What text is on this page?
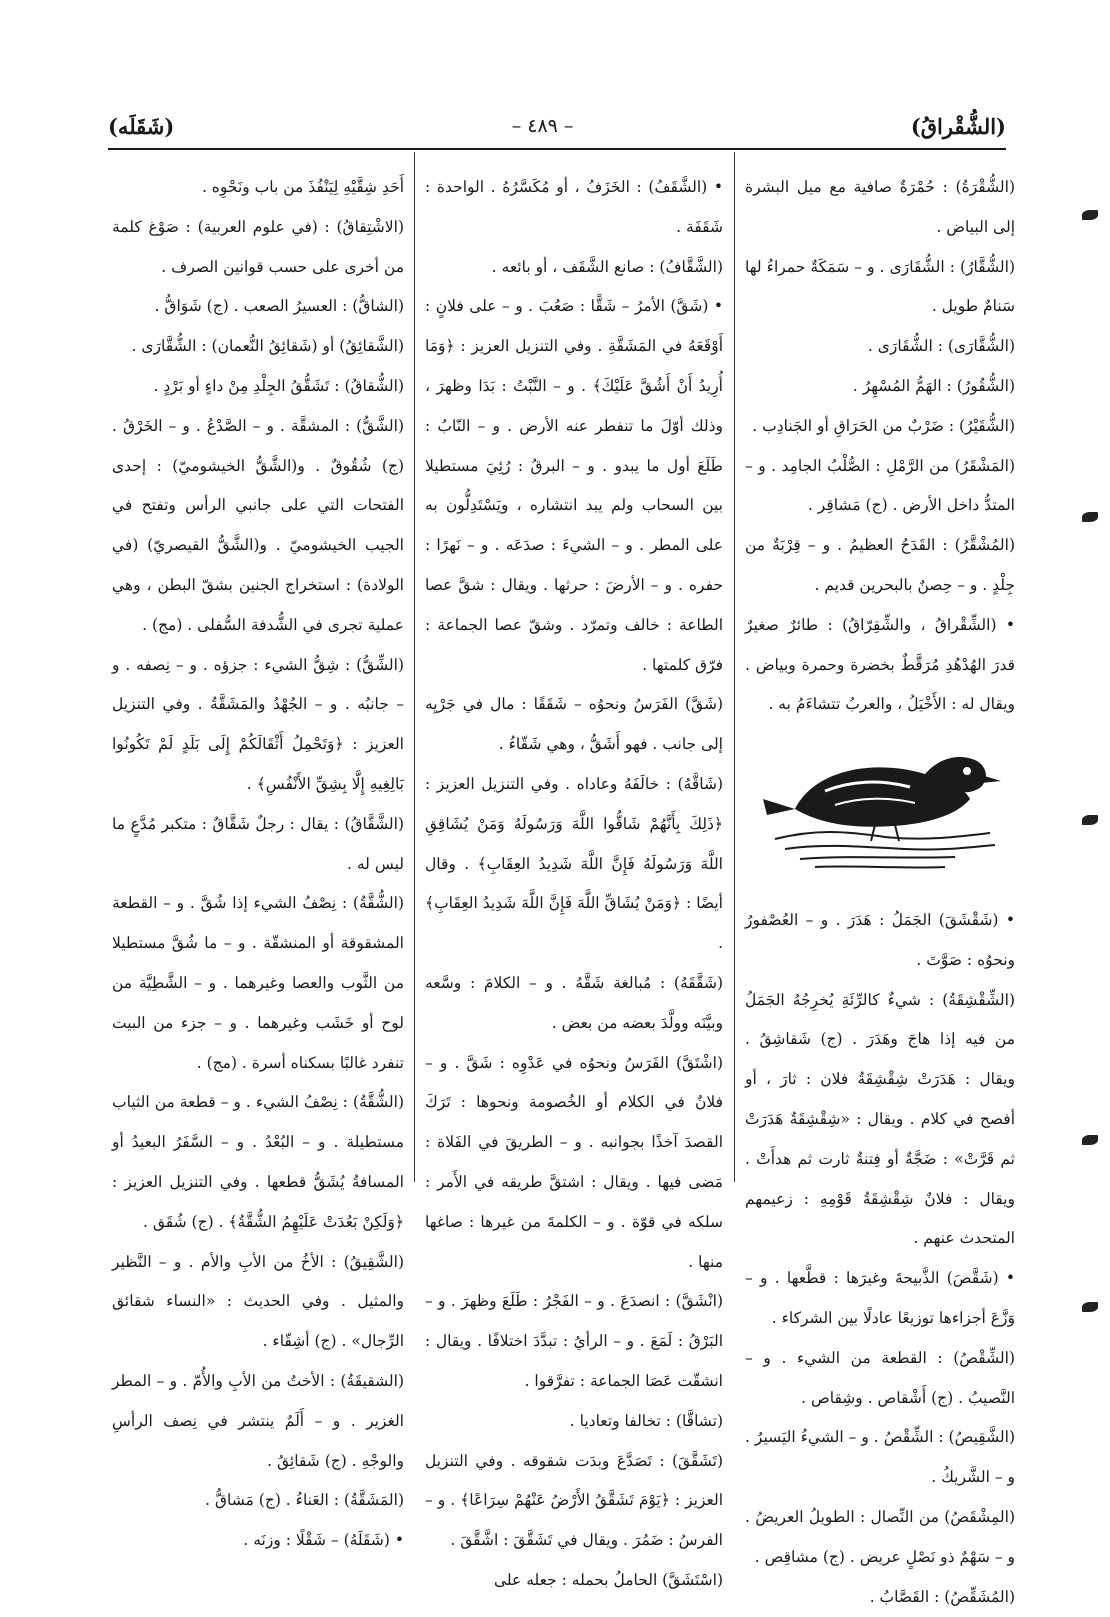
(الشُّقْراقُ)
– ٤٨٩ –
(شَقَلَه)

(الشُّقْرَةُ) : حُمْرَةٌ صافية مع ميل البشرة إلى البياض .

(الشُّقَّارُ) : الشُّقَارَى . و – سَمَكَةٌ حمراءُ لها سَنامٌ طويل .

(الشُّقَّارَى) : الشُّقَارَى .

(الشُّقُورُ) : الهَمُّ المُسْهِرُ .

(الشُّقَيْرُ) : ضَرْبٌ من الحَرَاقِ أو الجَنادِب .

(المَشْقَرُ) من الرَّمْلِ : الصُّلْبُ الجامِد . و – المتدُّ داخل الأرض . (ج) مَشاقِر .

(المُشْقَّرُ) : القَدَحُ العظيمُ . و – قِرْبَةٌ من جِلْدٍ . و – حِصنٌ بالبحرين قديم .

• (الشِّقْراقُ ، والشِّقِرّاقُ) : طائرٌ صغيرٌ قدرَ الهُدْهُدِ مُرَقَّطٌ بخضرة وحمرة وبياض . ويقال له : الأَخْيَلُ ، والعربُ تتشاءَمُ به .

• (شَقْشَقَ) الجَمَلُ : هَدَرَ . و – العُصْفورُ ونحوُه : صَوَّتَ .

(الشِّقْشِقَةُ) : شيءٌ كالرِّئَةِ يُخرِجُهُ الجَمَلُ من فيه إذا هاجَ وهَدَرَ . (ج) شَقاشِقُ . ويقال : هَدَرَتْ شِقْشِقَةُ فلان : ثارَ ، أو أفصح في كلام . ويقال : «شِقْشِقَةٌ هَدَرَتْ ثم قَرَّتْ» : ضَجَّةٌ أو فِتنةٌ ثارت ثم هدأَتْ . ويقال : فلانٌ شِقْشِقَةُ قَوْمِهِ : زعيمهم المتحدث عنهم .

• (شَقَّصَ) الذَّبيحةَ وغيرَها : قطَّعها . و – وَزَّعَ أجزاءها توزيعًا عادلًا بين الشركاء .

(الشِّقْصُ) : القطعة من الشيء . و – النَّصيبُ . (ج) أَشْقاص . وشِقاص .

(الشَّقِيصُ) : الشِّقْصُ . و – الشيءُ اليَسيرُ . و – الشَّريكُ .

(المِشْقَصُ) من النِّصال : الطويلُ العريضُ . و – سَهْمٌ ذو نَصْلٍ عريض . (ج) مشاقِص .

(المُشَقِّصُ) : القَصَّابُ .

• (الشَّقَفُ) : الخَزَفُ ، أو مُكَسَّرُهُ . الواحدة : شَقَفَة .

(الشَّقَّافُ) : صانع الشَّقَف ، أو بائعه .

• (شَقَّ) الأمرُ – شَقًّا : صَعُبَ . و – على فلانٍ : أَوْقَعَهُ في المَشَقَّةِ . وفي التنزيل العزيز : ﴿وَمَا أُرِيدُ أَنْ أَشُقَّ عَلَيْكَ﴾ . و – النَّبْتُ : بَدَا وظهرَ ، وذلك أوّلَ ما تنفطر عنه الأرض . و – النّابُ : طَلَعَ أول ما يبدو . و – البرقُ : رُئِيَ مستطيلا بين السحاب ولم يبد انتشاره ، ويَسْتَدِلُّون به على المطر . و – الشيءَ : صدَعَه . و – نَهرًا : حفره . و – الأرضَ : حرثها . ويقال : شقَّ عصا الطاعة : خالف وتمرّد . وشقّ عصا الجماعة : فرّق كلمتها .

(شَقَّ) الفَرَسُ ونحوُه – شَقَقًا : مال في جَرْيِه إلى جانب . فهو أَشَقُّ ، وهي شَقّاءُ .

(شَاقَّهُ) : خالَفَهُ وعاداه . وفي التنزيل العزيز : ﴿ذَلِكَ بِأَنَّهُمْ شَاقُّوا اللَّهَ وَرَسُولَهُ وَمَنْ يُشَاقِقِ اللَّهَ وَرَسُولَهُ فَإِنَّ اللَّهَ شَدِيدُ العِقَابِ﴾ . وقال أيضًا : ﴿وَمَنْ يُشَاقِّ اللَّهَ فَإِنَّ اللَّهَ شَدِيدُ العِقَابِ﴾ .

(شَقَّقَهُ) : مُبالغة شَقَّهُ . و – الكلامَ : وسَّعه وبيَّنَه وولَّدَ بعضه من بعض .

(اشْتَقَّ) الفَرَسُ ونحوُه في عَدْوِه : شَقَّ . و – فلانٌ في الكلام أو الخُصومة ونحوها : تَرَكَ القصدَ آخذًا بجوانبه . و – الطريقَ في الفَلاة : مَضى فيها . ويقال : اشتقَّ طريقه في الأَمر : سلكه في قوّة . و – الكلمةَ من غيرها : صاغها منها .

(انْشَقَّ) : انصدَعَ . و – الفَجْرُ : طَلَعَ وظهرَ . و – البَرْقُ : لَمَعَ . و – الرأيُ : تبدَّدَ اختلافًا . ويقال : انشقّت عَصَا الجماعة : تفرَّقوا .

(تشاقَّا) : تخالفا وتعاديا .

(تَشَقَّقَ) : تَصَدَّعَ وبدَت شقوقه . وفي التنزيل العزيز : ﴿يَوْمَ تَشَقَّقُ الأَرْضُ عَنْهُمْ سِرَاعًا﴾ . و – الفرسُ : ضَمُرَ . ويقال في تَشَقَّقَ : اشَّقَّقَ .

(اسْتَشَقَّ) الحاملُ بحمله : جعله على

أَحَدِ شِقَّيْهِ لِيَنْفُذَ من باب ونَحْوِه .

(الاشْتِقاقُ) : (في علوم العربية) : صَوْغ كلمة من أخرى على حسب قوانين الصرف .

(الشاقُّ) : العسيرُ الصعب . (ج) شَوَاقُّ .

(الشَّقائِقُ) أو (شَقائِقُ النُّعمان) : الشُّقَّارَى .

(الشُّقاقُ) : تَشَقُّقُ الجِلْدِ مِنْ داءٍ أو بَرْدٍ .

(الشَّقُّ) : المشقَّة . و – الصَّدْعُ . و – الخَرْقُ . (ج) شُقُوقٌ . و(الشَّقُّ الخيشوميّ) : إحدى الفتحات التي على جانبي الرأس وتفتح في الجيب الخيشوميّ . و(الشَّقُّ القيصريّ) (في الولادة) : استخراج الجنين بشقّ البطن ، وهي عملية تجرى في الشُّدفة السُّفلى . (مج) .

(الشِّقُّ) : شِقُّ الشيء : جزؤه . و – نِصفه . و – جانبُه . و – الجُهْدُ والمَشَقَّةُ . وفي التنزيل العزيز : ﴿وَتَحْمِلُ أَثْقَالَكُمْ إِلَى بَلَدٍ لَمْ تَكُونُوا بَالِغِيهِ إِلَّا بِشِقِّ الأَنْفُسِ﴾ .

(الشَّقَّاقُ) : يقال : رجلٌ شَقَّاقٌ : متكبر مُدَّعٍ ما ليس له .

(الشُّقَّةُ) : نِصْفُ الشيء إذا شُقَّ . و – القطعة المشقوقة أو المنشقّة . و – ما شُقَّ مستطيلا من الثَّوب والعصا وغيرهما . و – الشَّطِيَّة من لوح أو خَشَب وغيرهما . و – جزء من البيت تنفرد غالبًا بسكناه أسرة . (مج) .

(الشُّقَّةُ) : نِصْفُ الشيء . و – قطعة من الثياب مستطيلة . و – البُعْدُ . و – السَّفَرُ البعيدُ أو المسافةُ يُشَقُّ قطعها . وفي التنزيل العزيز : ﴿وَلَكِنْ بَعُدَتْ عَلَيْهِمُ الشُّقَّةُ﴾ . (ج) شُقَق .

(الشَّقِيقُ) : الأخُ من الأبِ والأم . و – النَّظير والمثيل . وفي الحديث : «النساء شقائق الرِّجال» . (ج) أشِقّاء .

(الشقيقَةُ) : الأختُ من الأبِ والأُمّ . و – المطر الغزير . و – أَلَمٌ ينتشر في نِصف الرأسِ والوجْهِ . (ج) شَقائِقُ .

(المَشَقَّةُ) : العَناءُ . (ج) مَشاقُّ .

• (شَقَلَهُ) – شَقْلًا : وزنَه .
